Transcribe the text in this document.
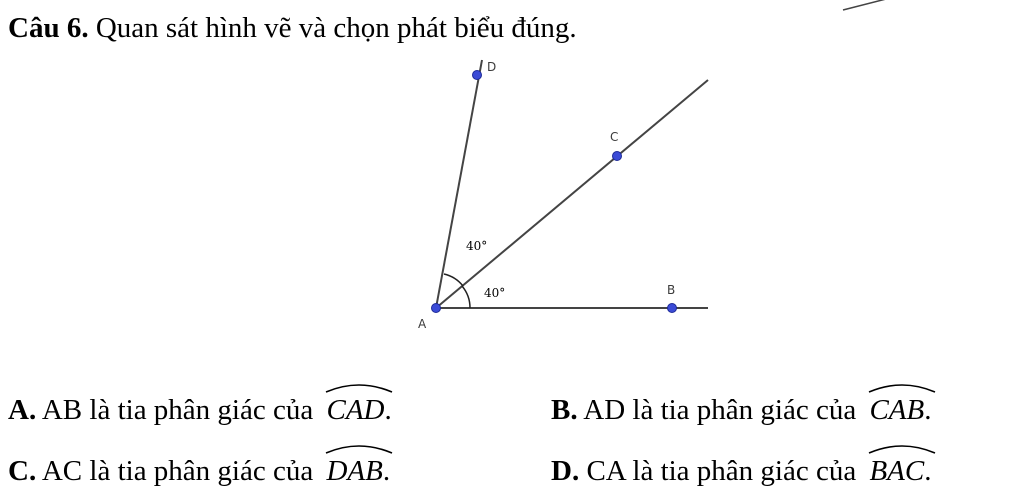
Câu 6. Quan sát hình vẽ và chọn phát biểu đúng.
40°
40°
A
B
C
D
A. AB là tia phân giác của CAD.	B. AD là tia phân giác của CAB.
C. AC là tia phân giác của DAB.	D. CA là tia phân giác của BAC.
